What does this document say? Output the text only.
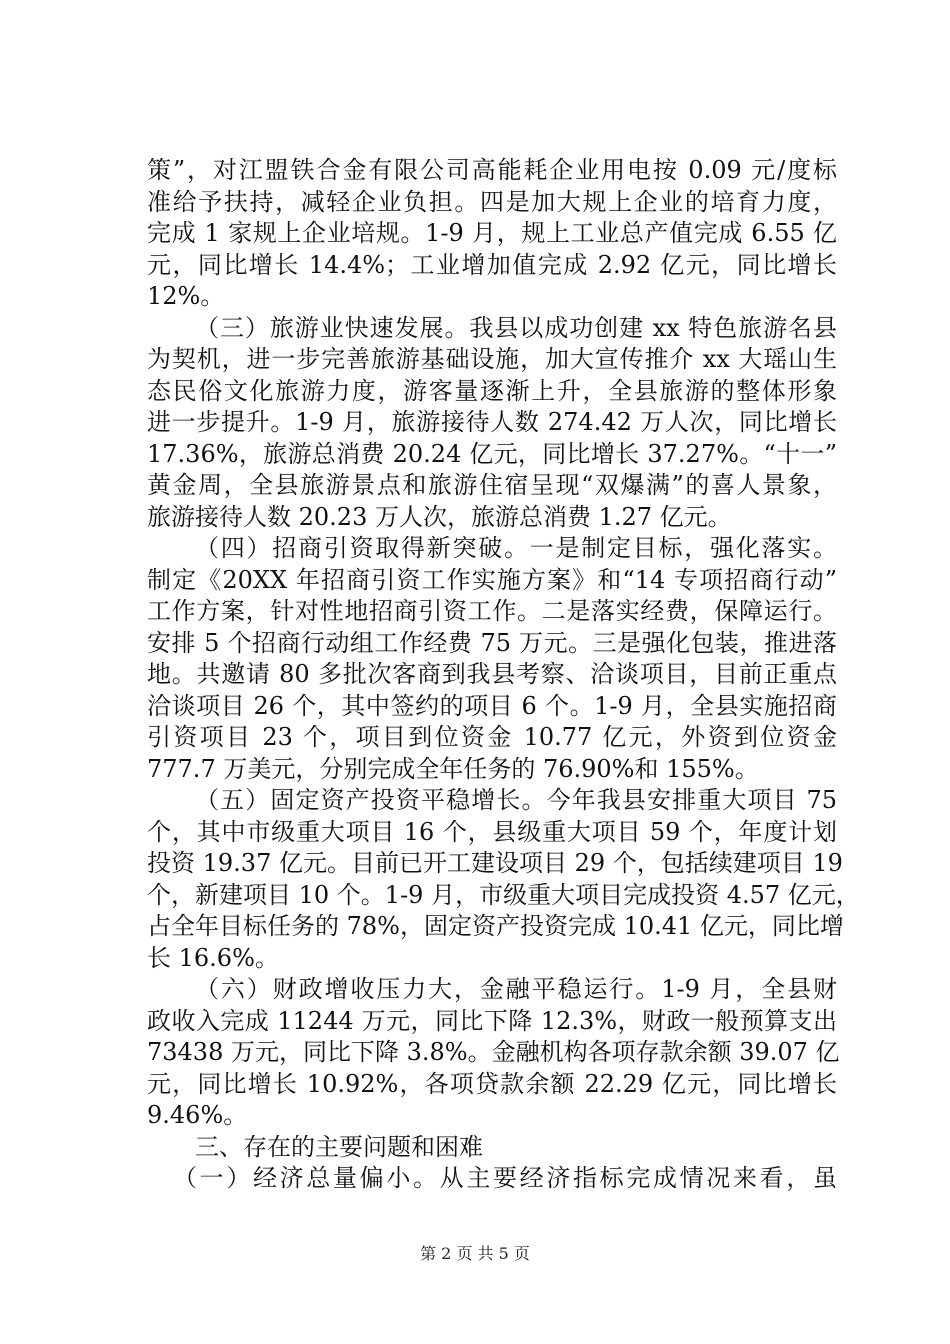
策”，对江盟铁合金有限公司高能耗企业用电按 0.09 元/度标
准给予扶持，减轻企业负担。四是加大规上企业的培育力度，
完成 1 家规上企业培规。1-9 月，规上工业总产值完成 6.55 亿
元，同比增长 14.4%；工业增加值完成 2.92 亿元，同比增长
12%。
（三）旅游业快速发展。我县以成功创建 xx 特色旅游名县
为契机，进一步完善旅游基础设施，加大宣传推介 xx 大瑶山生
态民俗文化旅游力度，游客量逐渐上升，全县旅游的整体形象
进一步提升。1-9 月，旅游接待人数 274.42 万人次，同比增长
17.36%，旅游总消费 20.24 亿元，同比增长 37.27%。“十一”
黄金周，全县旅游景点和旅游住宿呈现“双爆满”的喜人景象，
旅游接待人数 20.23 万人次，旅游总消费 1.27 亿元。
（四）招商引资取得新突破。一是制定目标，强化落实。
制定《20XX 年招商引资工作实施方案》和“14 专项招商行动”
工作方案，针对性地招商引资工作。二是落实经费，保障运行。
安排 5 个招商行动组工作经费 75 万元。三是强化包装，推进落
地。共邀请 80 多批次客商到我县考察、洽谈项目，目前正重点
洽谈项目 26 个，其中签约的项目 6 个。1-9 月，全县实施招商
引资项目 23 个，项目到位资金 10.77 亿元，外资到位资金
777.7 万美元，分别完成全年任务的 76.90%和 155%。
（五）固定资产投资平稳增长。今年我县安排重大项目 75
个，其中市级重大项目 16 个，县级重大项目 59 个，年度计划
投资 19.37 亿元。目前已开工建设项目 29 个，包括续建项目 19
个，新建项目 10 个。1-9 月，市级重大项目完成投资 4.57 亿元，
占全年目标任务的 78%，固定资产投资完成 10.41 亿元，同比增
长 16.6%。
（六）财政增收压力大，金融平稳运行。1-9 月，全县财
政收入完成 11244 万元，同比下降 12.3%，财政一般预算支出
73438 万元，同比下降 3.8%。金融机构各项存款余额 39.07 亿
元，同比增长 10.92%，各项贷款余额 22.29 亿元，同比增长
9.46%。
三、存在的主要问题和困难
（一）经济总量偏小。从主要经济指标完成情况来看，虽
第 2 页 共 5 页
